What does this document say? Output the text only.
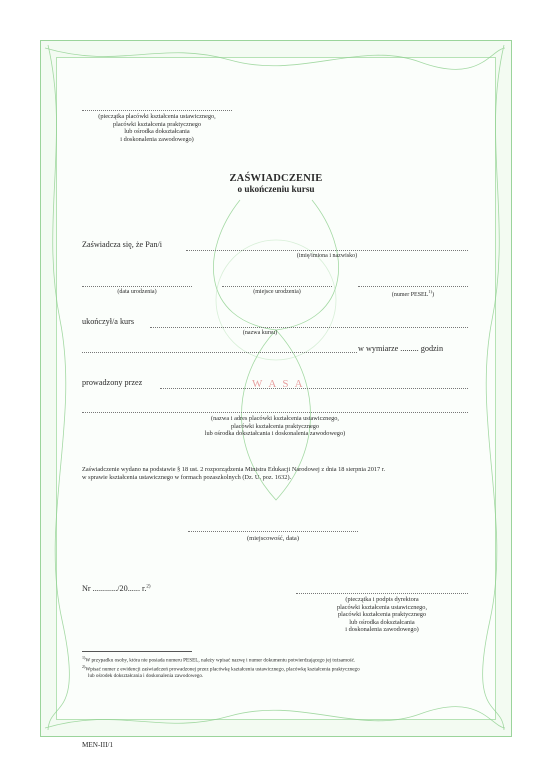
(pieczątka placówki kształcenia ustawicznego,
placówki kształcenia praktycznego
lub ośrodka dokształcania
i doskonalenia zawodowego)
ZAŚWIADCZENIE
o ukończeniu kursu
Zaświadcza się, że Pan/i
(imię/imiona i nazwisko)
(data urodzenia)	(miejsce urodzenia)	(numer PESEL$^{1)}$)
ukończył/a kurs
(nazwa kursu)
w wymiarze ......... godzin
prowadzony przez	W A S A
(nazwa i adres placówki kształcenia ustawicznego,
placówki kształcenia praktycznego
lub ośrodka dokształcania i doskonalenia zawodowego)
Zaświadczenie wydano na podstawie § 18 ust. 2 rozporządzenia Ministra Edukacji Narodowej z dnia 18 sierpnia 2017 r.
w sprawie kształcenia ustawicznego w formach pozaszkolnych (Dz. U. poz. 1632).
(miejscowość, data)
Nr ............/20...... r.$^{2)}$
(pieczątka i podpis dyrektora
placówki kształcenia ustawicznego,
placówki kształcenia praktycznego
lub ośrodka dokształcania
i doskonalenia zawodowego)
$^{1)}$W przypadku osoby, która nie posiada numeru PESEL, należy wpisać nazwę i numer dokumentu potwierdzającego jej tożsamość.
$^{2)}$Wpisać numer z ewidencji zaświadczeń prowadzonej przez placówkę kształcenia ustawicznego, placówkę kształcenia praktycznego
lub ośrodek dokształcania i doskonalenia zawodowego.
MEN-III/1
